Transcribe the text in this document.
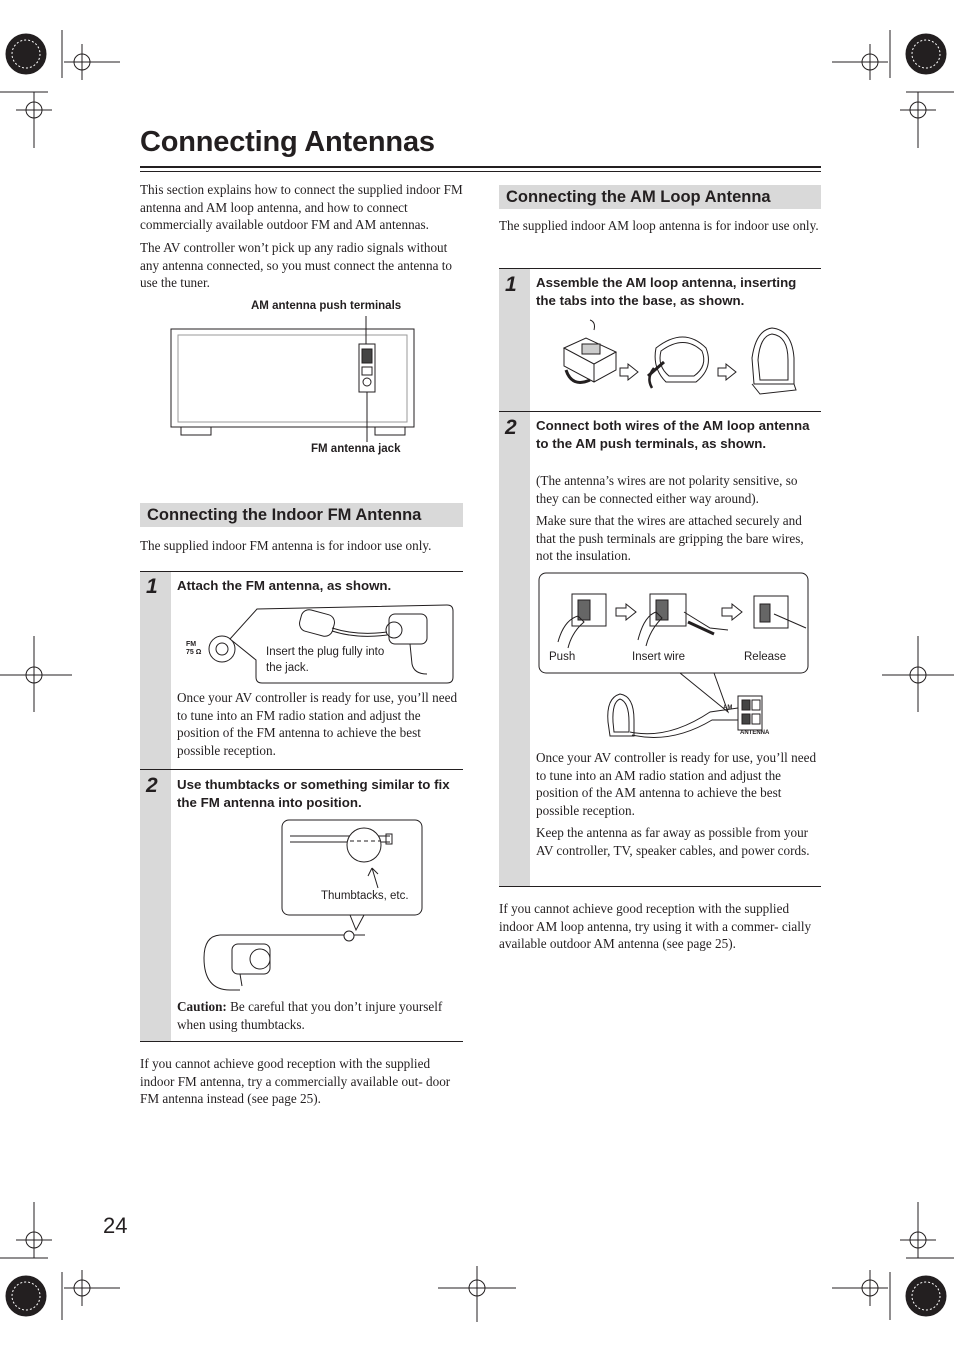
Connecting Antennas
This section explains how to connect the supplied indoor FM antenna and AM loop antenna, and how to connect commercially available outdoor FM and AM antennas.
The AV controller won’t pick up any radio signals without any antenna connected, so you must connect the antenna to use the tuner.
AM antenna push terminals
FM antenna jack
Connecting the Indoor FM Antenna
The supplied indoor FM antenna is for indoor use only.
1 Attach the FM antenna, as shown.
FM
75 Ω	Insert the plug fully into the jack.
Once your AV controller is ready for use, you’ll need to tune into an FM radio station and adjust the position of the FM antenna to achieve the best possible reception.
2 Use thumbtacks or something similar to fix the FM antenna into position.
Thumbtacks, etc.
Caution: Be careful that you don’t injure yourself when using thumbtacks.
If you cannot achieve good reception with the supplied indoor FM antenna, try a commercially available out- door FM antenna instead (see page 25).
Connecting the AM Loop Antenna
The supplied indoor AM loop antenna is for indoor use only.
1 Assemble the AM loop antenna, inserting the tabs into the base, as shown.
2 Connect both wires of the AM loop antenna to the AM push terminals, as shown.
(The antenna’s wires are not polarity sensitive, so they can be connected either way around).
Make sure that the wires are attached securely and that the push terminals are gripping the bare wires, not the insulation.
Push	Insert wire	Release
AM
ANTENNA
Once your AV controller is ready for use, you’ll need to tune into an AM radio station and adjust the position of the AM antenna to achieve the best possible reception.
Keep the antenna as far away as possible from your AV controller, TV, speaker cables, and power cords.
If you cannot achieve good reception with the supplied indoor AM loop antenna, try using it with a commer- cially available outdoor AM antenna (see page 25).
24
